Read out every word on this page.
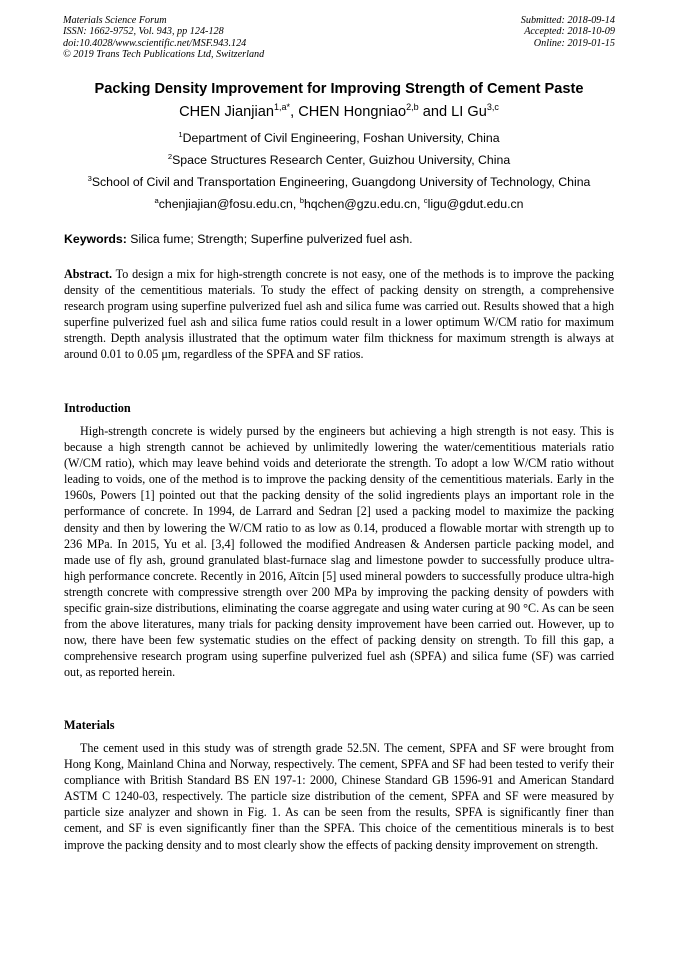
Materials Science Forum
ISSN: 1662-9752, Vol. 943, pp 124-128
doi:10.4028/www.scientific.net/MSF.943.124
© 2019 Trans Tech Publications Ltd, Switzerland
Submitted: 2018-09-14
Accepted: 2018-10-09
Online: 2019-01-15
Packing Density Improvement for Improving Strength of Cement Paste
CHEN Jianjian$^{1,a*}$, CHEN Hongniao$^{2,b}$ and LI Gu$^{3,c}$
$^1$Department of Civil Engineering, Foshan University, China
$^2$Space Structures Research Center, Guizhou University, China
$^3$School of Civil and Transportation Engineering, Guangdong University of Technology, China
$^a$chenjiajian@fosu.edu.cn, $^b$hqchen@gzu.edu.cn, $^c$ligu@gdut.edu.cn
Keywords: Silica fume; Strength; Superfine pulverized fuel ash.

Abstract. To design a mix for high-strength concrete is not easy, one of the methods is to improve the packing density of the cementitious materials. To study the effect of packing density on strength, a comprehensive research program using superfine pulverized fuel ash and silica fume was carried out. Results showed that a high superfine pulverized fuel ash and silica fume ratios could result in a lower optimum W/CM ratio for maximum strength. Depth analysis illustrated that the optimum water film thickness for maximum strength is always at around 0.01 to 0.05 μm, regardless of the SPFA and SF ratios.

Introduction

High-strength concrete is widely pursed by the engineers but achieving a high strength is not easy. This is because a high strength cannot be achieved by unlimitedly lowering the water/cementitious materials ratio (W/CM ratio), which may leave behind voids and deteriorate the strength. To adopt a low W/CM ratio without leading to voids, one of the method is to improve the packing density of the cementitious materials. Early in the 1960s, Powers [1] pointed out that the packing density of the solid ingredients plays an important role in the performance of concrete. In 1994, de Larrard and Sedran [2] used a packing model to maximize the packing density and then by lowering the W/CM ratio to as low as 0.14, produced a flowable mortar with strength up to 236 MPa. In 2015, Yu et al. [3,4] followed the modified Andreasen & Andersen particle packing model, and made use of fly ash, ground granulated blast-furnace slag and limestone powder to successfully produce ultra-high performance concrete. Recently in 2016, Aïtcin [5] used mineral powders to successfully produce ultra-high strength concrete with compressive strength over 200 MPa by improving the packing density of powders with specific grain-size distributions, eliminating the coarse aggregate and using water curing at 90 °C. As can be seen from the above literatures, many trials for packing density improvement have been carried out. However, up to now, there have been few systematic studies on the effect of packing density on strength. To fill this gap, a comprehensive research program using superfine pulverized fuel ash (SPFA) and silica fume (SF) was carried out, as reported herein.

Materials

The cement used in this study was of strength grade 52.5N. The cement, SPFA and SF were brought from Hong Kong, Mainland China and Norway, respectively. The cement, SPFA and SF had been tested to verify their compliance with British Standard BS EN 197-1: 2000, Chinese Standard GB 1596-91 and American Standard ASTM C 1240-03, respectively. The particle size distribution of the cement, SPFA and SF were measured by particle size analyzer and shown in Fig. 1. As can be seen from the results, SPFA is significantly finer than cement, and SF is even significantly finer than the SPFA. This choice of the cementitious minerals is to best improve the packing density and to most clearly show the effects of packing density improvement on strength.
